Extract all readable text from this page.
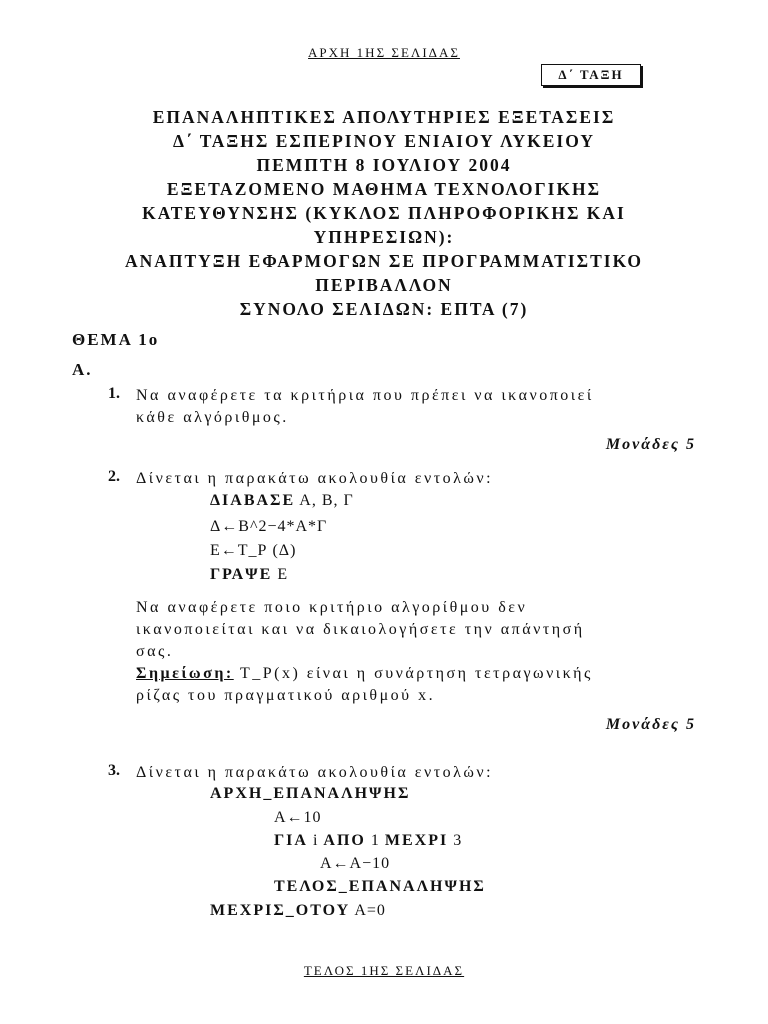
ΑΡΧΗ 1ΗΣ ΣΕΛΙΔΑΣ
Δ΄ ΤΑΞΗ
ΕΠΑΝΑΛΗΠΤΙΚΕΣ ΑΠΟΛΥΤΗΡΙΕΣ ΕΞΕΤΑΣΕΙΣ
Δ΄ ΤΑΞΗΣ ΕΣΠΕΡΙΝΟΥ ΕΝΙΑΙΟΥ ΛΥΚΕΙΟΥ
ΠΕΜΠΤΗ 8 ΙΟΥΛΙΟΥ 2004
ΕΞΕΤΑΖΟΜΕΝΟ ΜΑΘΗΜΑ ΤΕΧΝΟΛΟΓΙΚΗΣ
ΚΑΤΕΥΘΥΝΣΗΣ (ΚΥΚΛΟΣ ΠΛΗΡΟΦΟΡΙΚΗΣ ΚΑΙ
ΥΠΗΡΕΣΙΩΝ):
ΑΝΑΠΤΥΞΗ ΕΦΑΡΜΟΓΩΝ ΣΕ ΠΡΟΓΡΑΜΜΑΤΙΣΤΙΚΟ
ΠΕΡΙΒΑΛΛΟΝ
ΣΥΝΟΛΟ ΣΕΛΙΔΩΝ: ΕΠΤΑ (7)
ΘΕΜΑ 1ο
Α.
1. Να αναφέρετε τα κριτήρια που πρέπει να ικανοποιεί
κάθε αλγόριθμος.
Μονάδες 5
2. Δίνεται η παρακάτω ακολουθία εντολών:
ΔΙΑΒΑΣΕ Α, Β, Γ
Δ←Β^2−4*Α*Γ
Ε←Τ_Ρ (Δ)
ΓΡΑΨΕ Ε
Να αναφέρετε ποιο κριτήριο αλγορίθμου δεν
ικανοποιείται και να δικαιολογήσετε την απάντησή
σας.
Σημείωση: Τ_Ρ(x) είναι η συνάρτηση τετραγωνικής
ρίζας του πραγματικού αριθμού x.
Μονάδες 5
3. Δίνεται η παρακάτω ακολουθία εντολών:
ΑΡΧΗ_ΕΠΑΝΑΛΗΨΗΣ
Α←10
ΓΙΑ i ΑΠΟ 1 ΜΕΧΡΙ 3
Α←Α−10
ΤΕΛΟΣ_ΕΠΑΝΑΛΗΨΗΣ
ΜΕΧΡΙΣ_ΟΤΟΥ Α=0
ΤΕΛΟΣ 1ΗΣ ΣΕΛΙΔΑΣ
